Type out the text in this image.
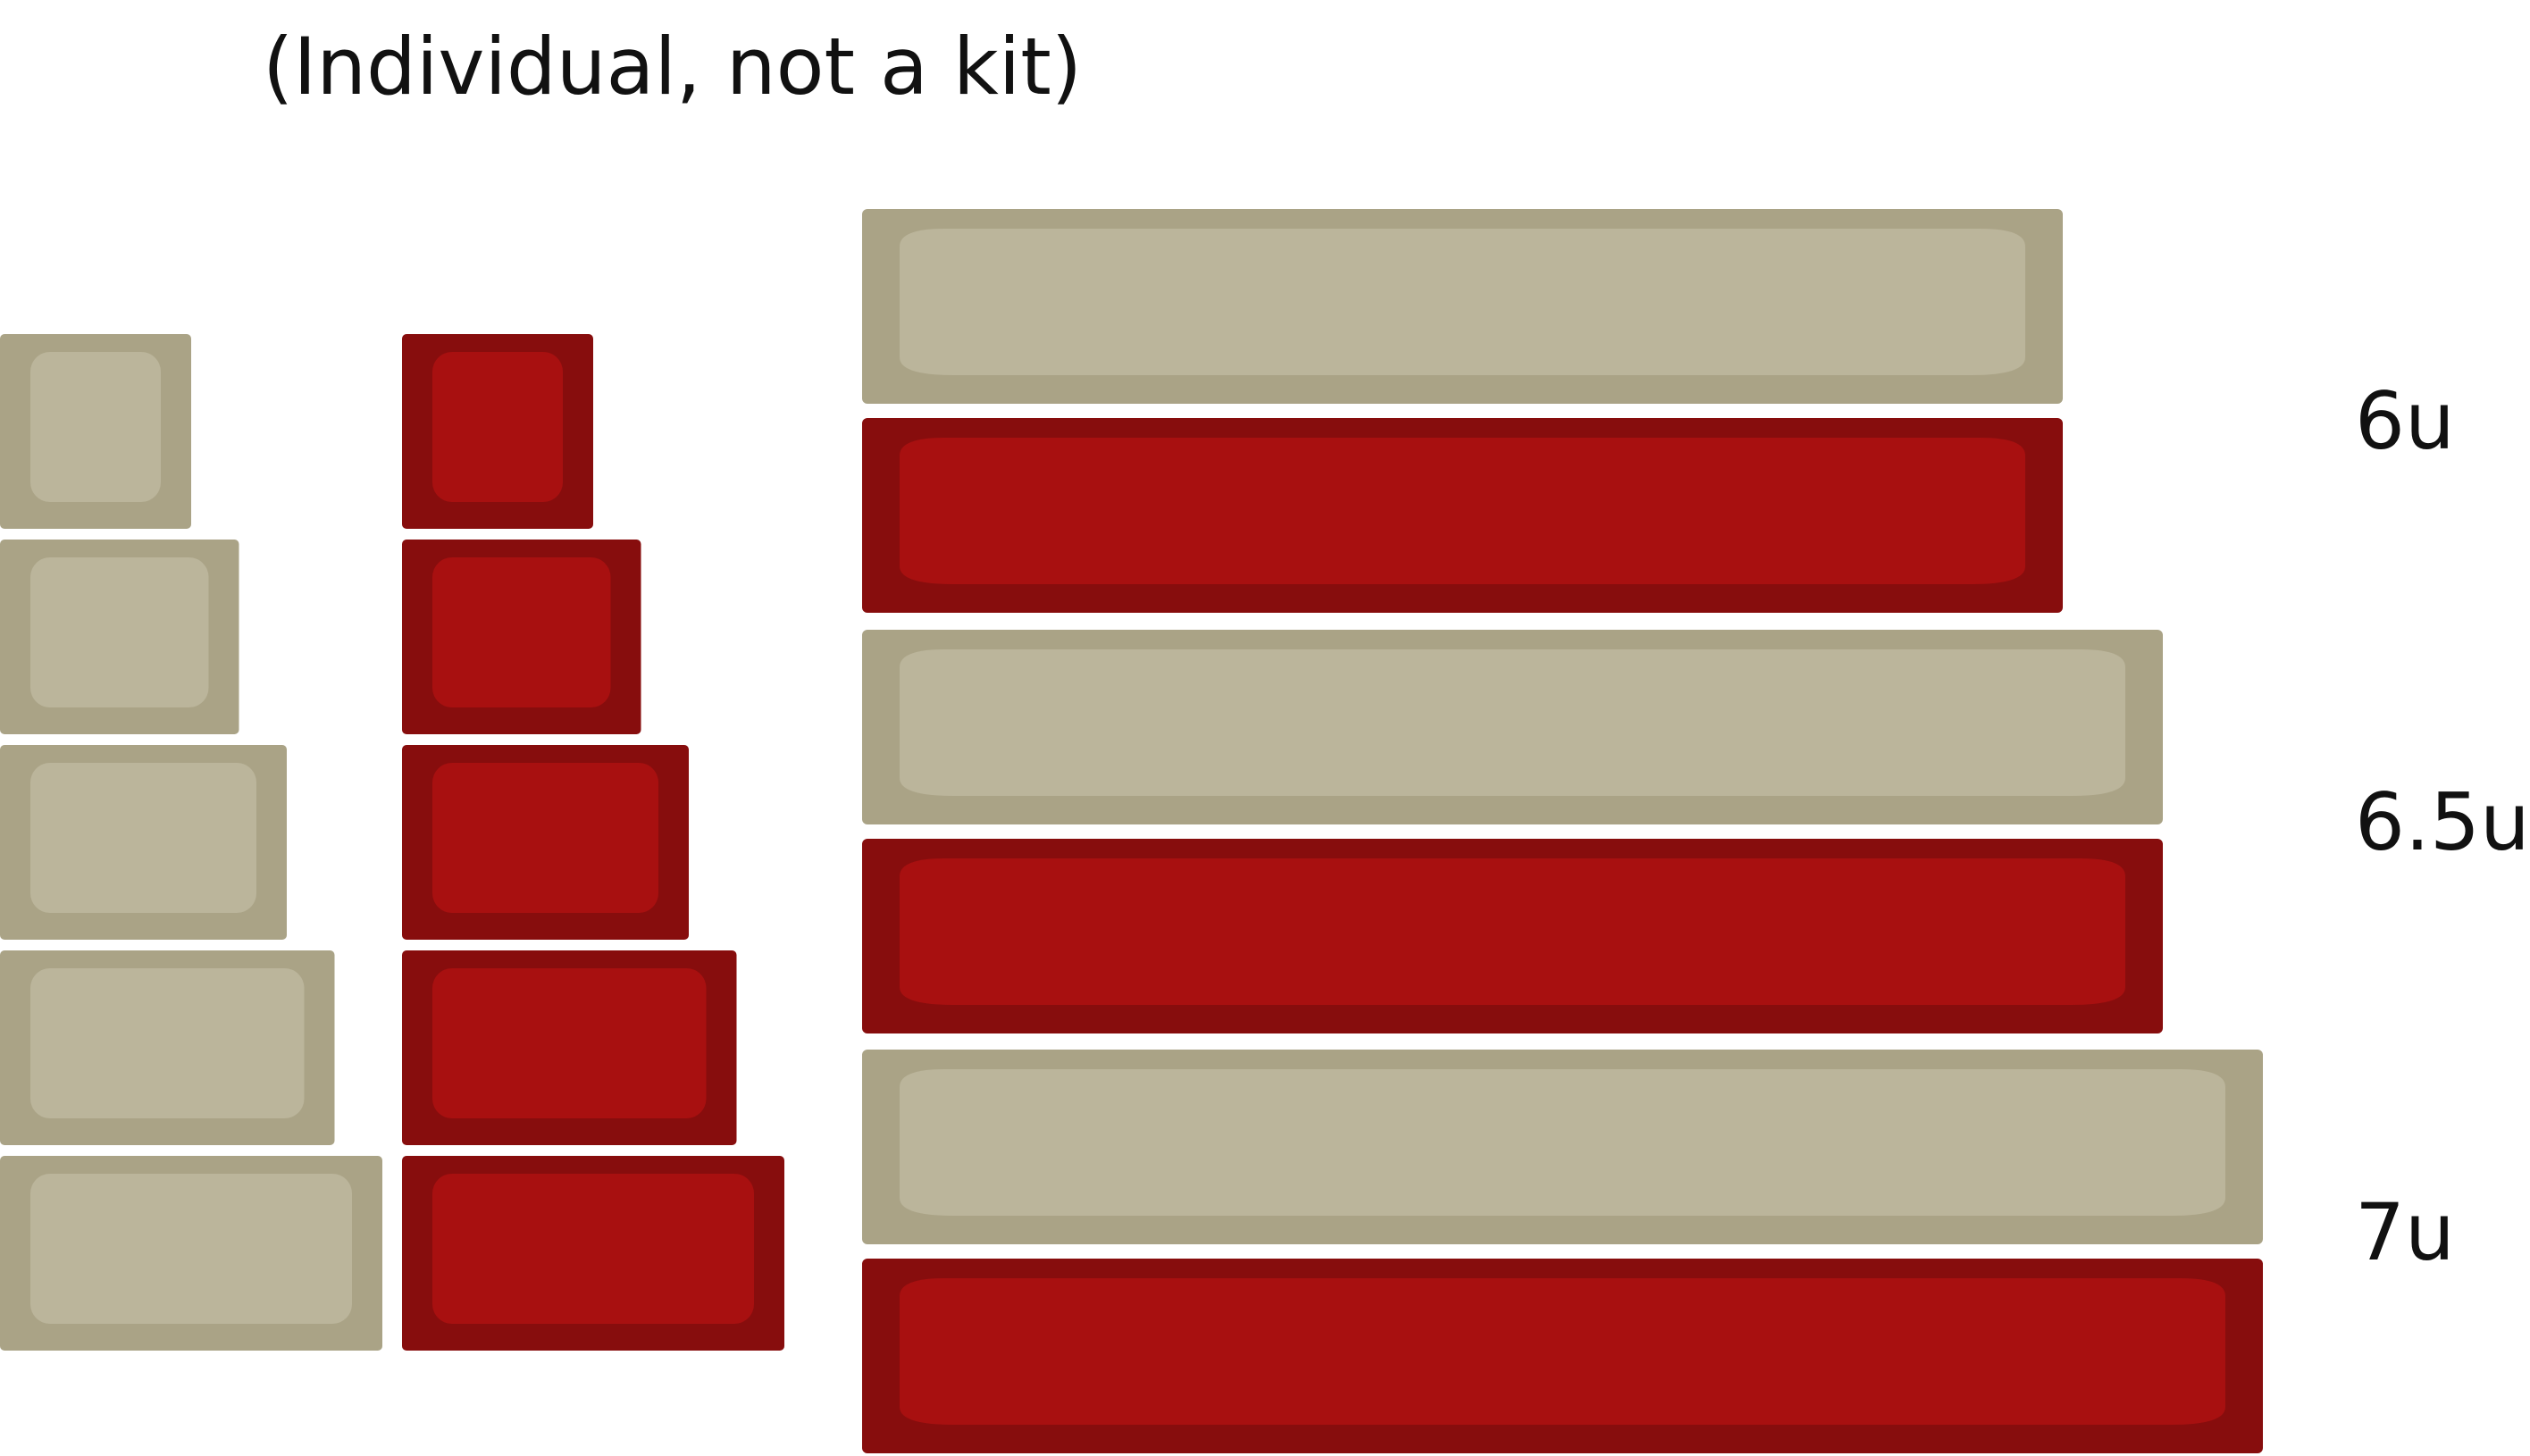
(Individual, not a kit)
6u
6.5u
7u
